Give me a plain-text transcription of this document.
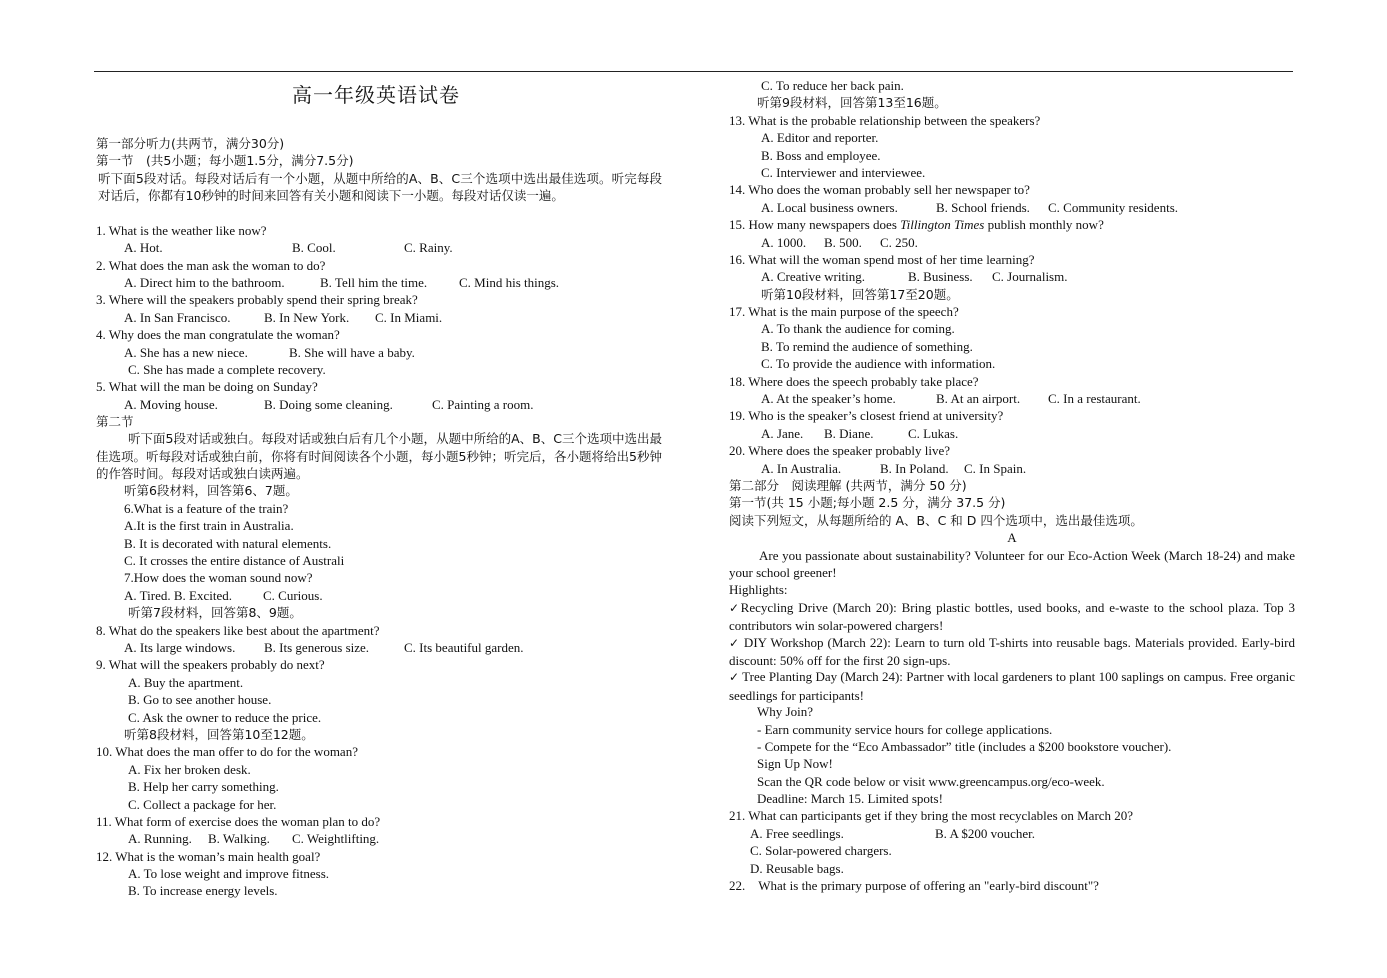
高一年级英语试卷
第一部分听力(共两节，满分30分)
第一节　(共5小题；每小题1.5分，满分7.5分)
听下面5段对话。每段对话后有一个小题，从题中所给的A、B、C三个选项中选出最佳选项。听完每段对话后，你都有10秒钟的时间来回答有关小题和阅读下一小题。每段对话仅读一遍。
1. What is the weather like now?
A. Hot.	B. Cool.	C. Rainy.
2. What does the man ask the woman to do?
A. Direct him to the bathroom.	B. Tell him the time. C. Mind his things.
3. Where will the speakers probably spend their spring break?
A. In San Francisco.	B. In New York. C. In Miami.
4. Why does the man congratulate the woman?
A. She has a new niece.	B. She will have a baby.
C. She has made a complete recovery.
5. What will the man be doing on Sunday?
A. Moving house.	B. Doing some cleaning.	C. Painting a room.
第二节
听下面5段对话或独白。每段对话或独白后有几个小题，从题中所给的A、B、C三个选项中选出最佳选项。听每段对话或独白前，你将有时间阅读各个小题，每小题5秒钟；听完后，各小题将给出5秒钟的作答时间。每段对话或独白读两遍。
听第6段材料，回答第6、7题。
6.What is a feature of the train?
A.It is the first train in Australia.
B. It is decorated with natural elements.
C. It crosses the entire distance of Australi
7.How does the woman sound now?
A. Tired. B. Excited. C. Curious.
听第7段材料，回答第8、9题。
8. What do the speakers like best about the apartment?
A. Its large windows. B. Its generous size.	C. Its beautiful garden.
9. What will the speakers probably do next?
A. Buy the apartment.
B. Go to see another house.
C. Ask the owner to reduce the price.
听第8段材料，回答第10至12题。
10. What does the man offer to do for the woman?
A. Fix her broken desk.
B. Help her carry something.
C. Collect a package for her.
11. What form of exercise does the woman plan to do?
A. Running. B. Walking. C. Weightlifting.
12. What is the woman’s main health goal?
A. To lose weight and improve fitness.
B. To increase energy levels.
C. To reduce her back pain.
听第9段材料，回答第13至16题。
13. What is the probable relationship between the speakers?
A. Editor and reporter.
B. Boss and employee.
C. Interviewer and interviewee.
14. Who does the woman probably sell her newspaper to?
A. Local business owners.	B. School friends. C. Community residents.
15. How many newspapers does Tillington Times publish monthly now?
A. 1000. B. 500. C. 250.
16. What will the woman spend most of her time learning?
A. Creative writing.	B. Business. C. Journalism.
听第10段材料，回答第17至20题。
17. What is the main purpose of the speech?
A. To thank the audience for coming.
B. To remind the audience of something.
C. To provide the audience with information.
18. Where does the speech probably take place?
A. At the speaker’s home.	B. At an airport. C. In a restaurant.
19. Who is the speaker’s closest friend at university?
A. Jane. B. Diane.	C. Lukas.
20. Where does the speaker probably live?
A. In Australia.	B. In Poland. C. In Spain.
第二部分　阅读理解 (共两节，满分 50 分)
第一节(共 15 小题;每小题 2.5 分，满分 37.5 分)
阅读下列短文，从每题所给的 A、B、C 和 D 四个选项中，选出最佳选项。
A
Are you passionate about sustainability? Volunteer for our Eco-Action Week (March 18-24) and make your school greener!
Highlights:
✓Recycling Drive (March 20): Bring plastic bottles, used books, and e-waste to the school plaza. Top 3 contributors win solar-powered chargers!
✓ DIY Workshop (March 22): Learn to turn old T-shirts into reusable bags. Materials provided. Early-bird discount: 50% off for the first 20 sign-ups.
✓ Tree Planting Day (March 24): Partner with local gardeners to plant 100 saplings on campus. Free organic seedlings for participants!
Why Join?
- Earn community service hours for college applications.
- Compete for the “Eco Ambassador” title (includes a $200 bookstore voucher).
Sign Up Now!
Scan the QR code below or visit www.greencampus.org/eco-week.
Deadline: March 15. Limited spots!
21. What can participants get if they bring the most recyclables on March 20?
A. Free seedlings.	B. A $200 voucher.
C. Solar-powered chargers.
D. Reusable bags.
22.　What is the primary purpose of offering an "early-bird discount"?
